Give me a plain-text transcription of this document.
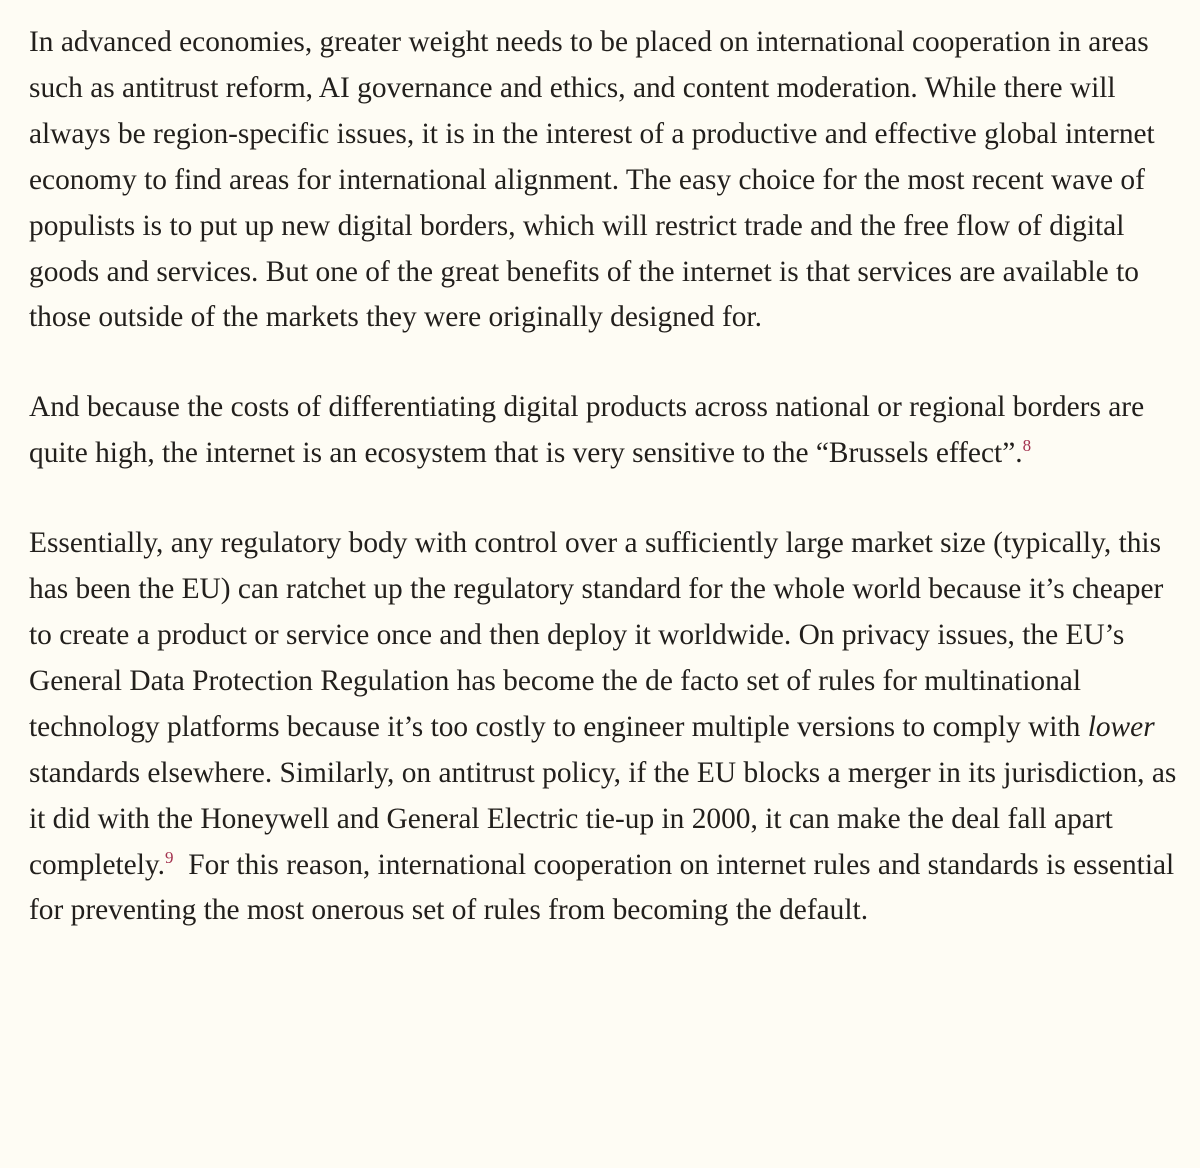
In advanced economies, greater weight needs to be placed on international cooperation in areas such as antitrust reform, AI governance and ethics, and content moderation. While there will always be region-specific issues, it is in the interest of a productive and effective global internet economy to find areas for international alignment. The easy choice for the most recent wave of populists is to put up new digital borders, which will restrict trade and the free flow of digital goods and services. But one of the great benefits of the internet is that services are available to those outside of the markets they were originally designed for.

And because the costs of differentiating digital products across national or regional borders are quite high, the internet is an ecosystem that is very sensitive to the “Brussels effect”.$^8$

Essentially, any regulatory body with control over a sufficiently large market size (typically, this has been the EU) can ratchet up the regulatory standard for the whole world because it’s cheaper to create a product or service once and then deploy it worldwide. On privacy issues, the EU’s General Data Protection Regulation has become the de facto set of rules for multinational technology platforms because it’s too costly to engineer multiple versions to comply with lower standards elsewhere. Similarly, on antitrust policy, if the EU blocks a merger in its jurisdiction, as it did with the Honeywell and General Electric tie-up in 2000, it can make the deal fall apart completely.$^9$  For this reason, international cooperation on internet rules and standards is essential for preventing the most onerous set of rules from becoming the default.
